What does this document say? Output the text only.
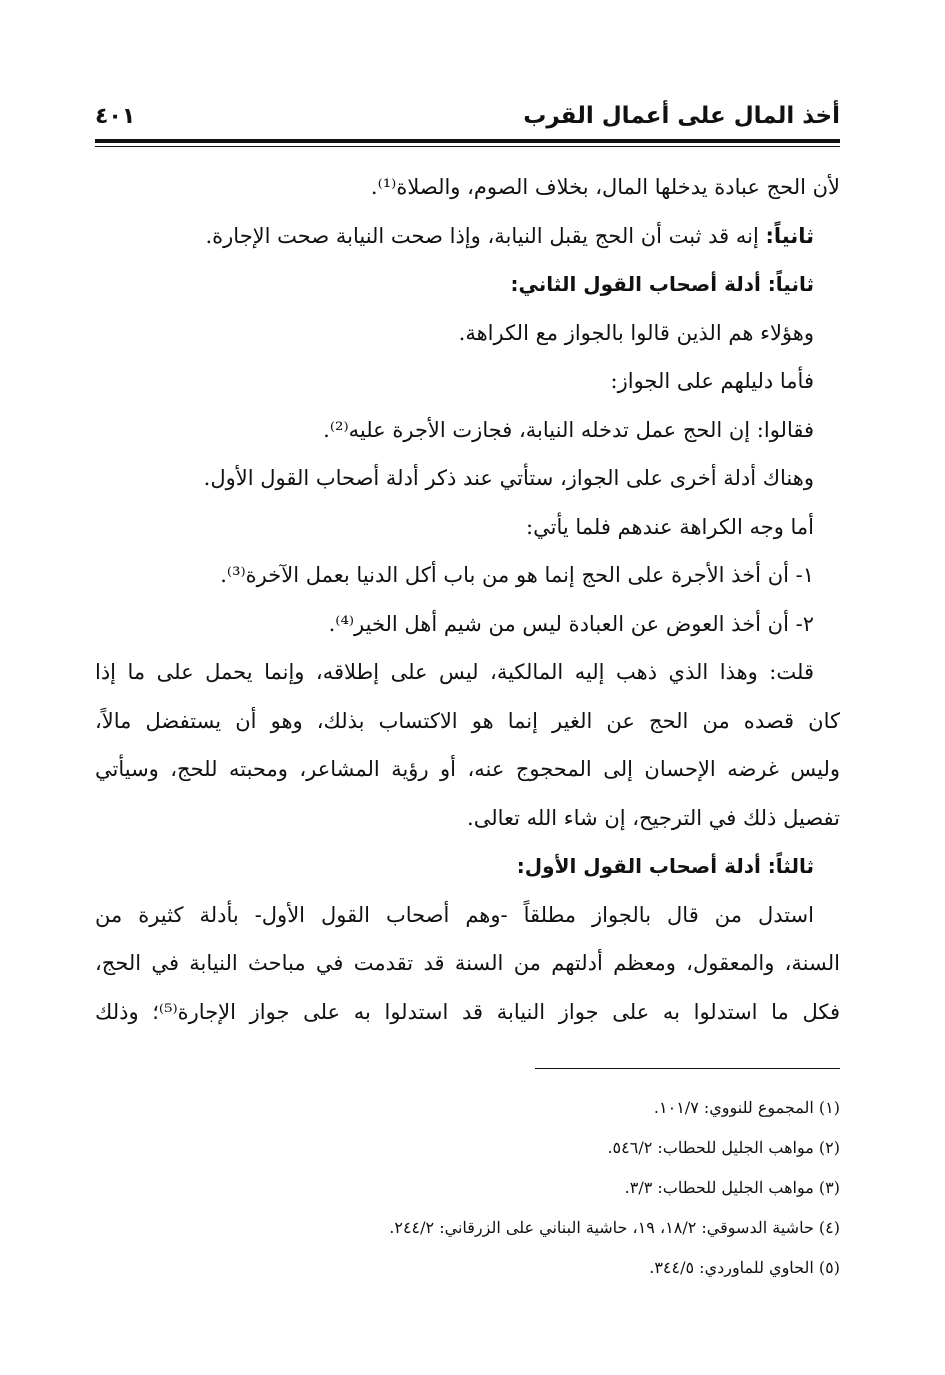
أخذ المال على أعمال القرب
٤٠١
لأن الحج عبادة يدخلها المال، بخلاف الصوم، والصلاة⁽¹⁾.
ثانياً: إنه قد ثبت أن الحج يقبل النيابة، وإذا صحت النيابة صحت الإجارة.
ثانياً: أدلة أصحاب القول الثاني:
وهؤلاء هم الذين قالوا بالجواز مع الكراهة.
فأما دليلهم على الجواز:
فقالوا: إن الحج عمل تدخله النيابة، فجازت الأجرة عليه⁽²⁾.
وهناك أدلة أخرى على الجواز، ستأتي عند ذكر أدلة أصحاب القول الأول.
أما وجه الكراهة عندهم فلما يأتي:
١- أن أخذ الأجرة على الحج إنما هو من باب أكل الدنيا بعمل الآخرة⁽³⁾.
٢- أن أخذ العوض عن العبادة ليس من شيم أهل الخير⁽⁴⁾.
قلت: وهذا الذي ذهب إليه المالكية، ليس على إطلاقه، وإنما يحمل على ما إذا
كان قصده من الحج عن الغير إنما هو الاكتساب بذلك، وهو أن يستفضل مالاً،
وليس غرضه الإحسان إلى المحجوج عنه، أو رؤية المشاعر، ومحبته للحج، وسيأتي
تفصيل ذلك في الترجيح، إن شاء الله تعالى.
ثالثاً: أدلة أصحاب القول الأول:
استدل من قال بالجواز مطلقاً -وهم أصحاب القول الأول- بأدلة كثيرة من
السنة، والمعقول، ومعظم أدلتهم من السنة قد تقدمت في مباحث النيابة في الحج،
فكل ما استدلوا به على جواز النيابة قد استدلوا به على جواز الإجارة⁽⁵⁾؛ وذلك
(١) المجموع للنووي: ١٠١/٧.
(٢) مواهب الجليل للحطاب: ٥٤٦/٢.
(٣) مواهب الجليل للحطاب: ٣/٣.
(٤) حاشية الدسوقي: ١٨/٢، ١٩، حاشية البناني على الزرقاني: ٢٤٤/٢.
(٥) الحاوي للماوردي: ٣٤٤/٥.
